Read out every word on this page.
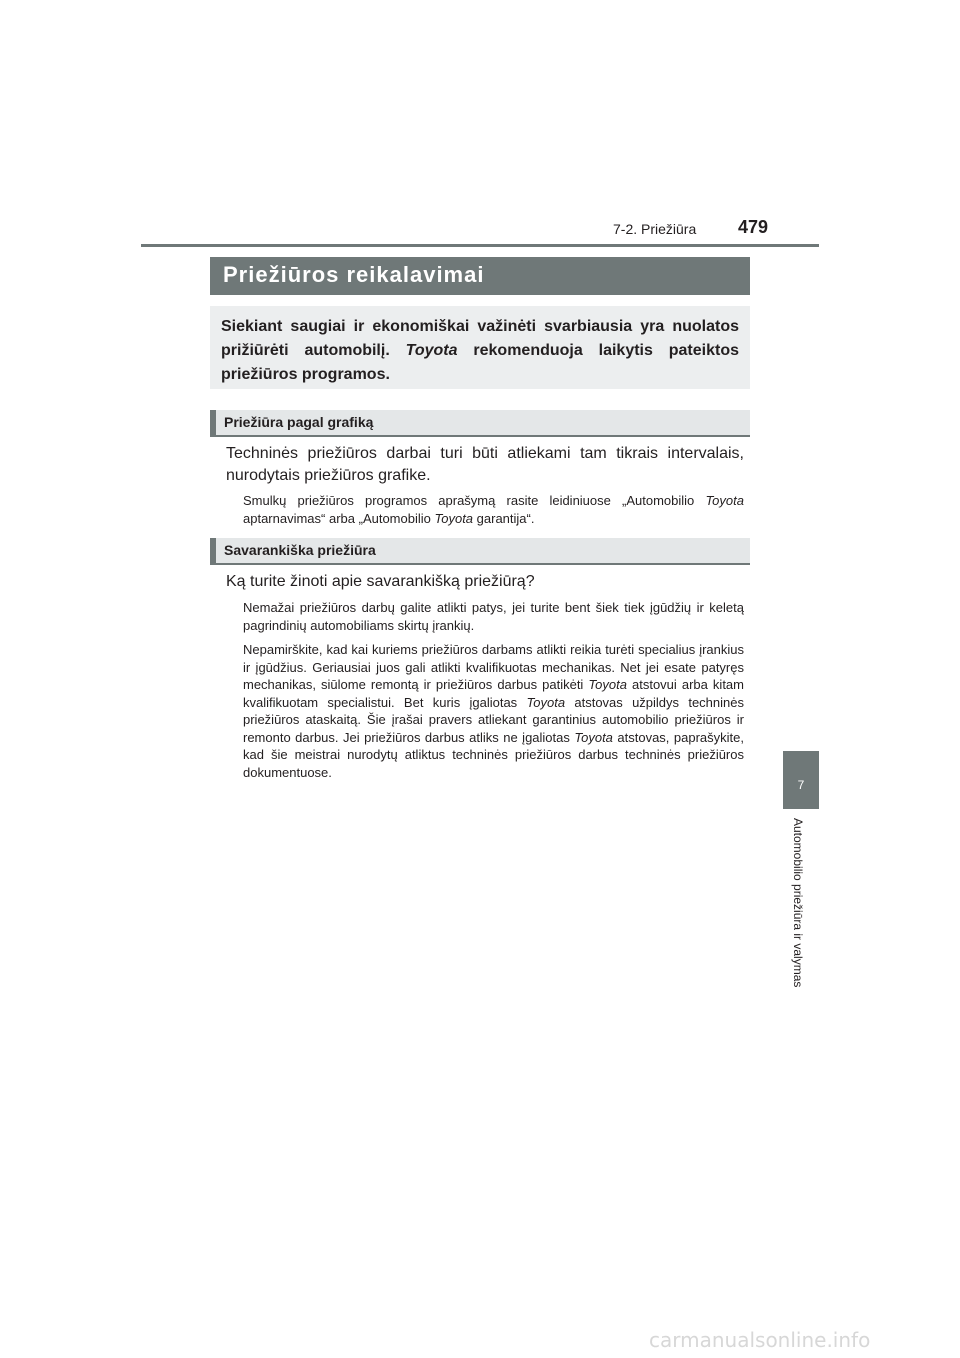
7-2. Priežiūra 479
7
Automobilio priežiūra ir valymas
Priežiūros reikalavimai

Siekiant saugiai ir ekonomiškai važinėti svarbiausia yra nuolatos prižiūrėti automobilį. Toyota rekomenduoja laikytis pateiktos priežiūros programos.

Priežiūra pagal grafiką

Techninės priežiūros darbai turi būti atliekami tam tikrais intervalais, nurodytais priežiūros grafike.

Smulkų priežiūros programos aprašymą rasite leidiniuose „Automobilio Toyota aptarnavimas“ arba „Automobilio Toyota garantija“.

Savarankiška priežiūra

Ką turite žinoti apie savarankišką priežiūrą?

Nemažai priežiūros darbų galite atlikti patys, jei turite bent šiek tiek įgūdžių ir keletą pagrindinių automobiliams skirtų įrankių.

Nepamirškite, kad kai kuriems priežiūros darbams atlikti reikia turėti specialius įrankius ir įgūdžius. Geriausiai juos gali atlikti kvalifikuotas mechanikas. Net jei esate patyręs mechanikas, siūlome remontą ir priežiūros darbus patikėti Toyota atstovui arba kitam kvalifikuotam specialistui. Bet kuris įgaliotas Toyota atstovas užpildys techninės priežiūros ataskaitą. Šie įrašai pravers atliekant garantinius automobilio priežiūros ir remonto darbus. Jei priežiūros darbus atliks ne įgaliotas Toyota atstovas, paprašykite, kad šie meistrai nurodytų atliktus techninės priežiūros darbus techninės priežiūros dokumentuose.

carmanualsonline.info
